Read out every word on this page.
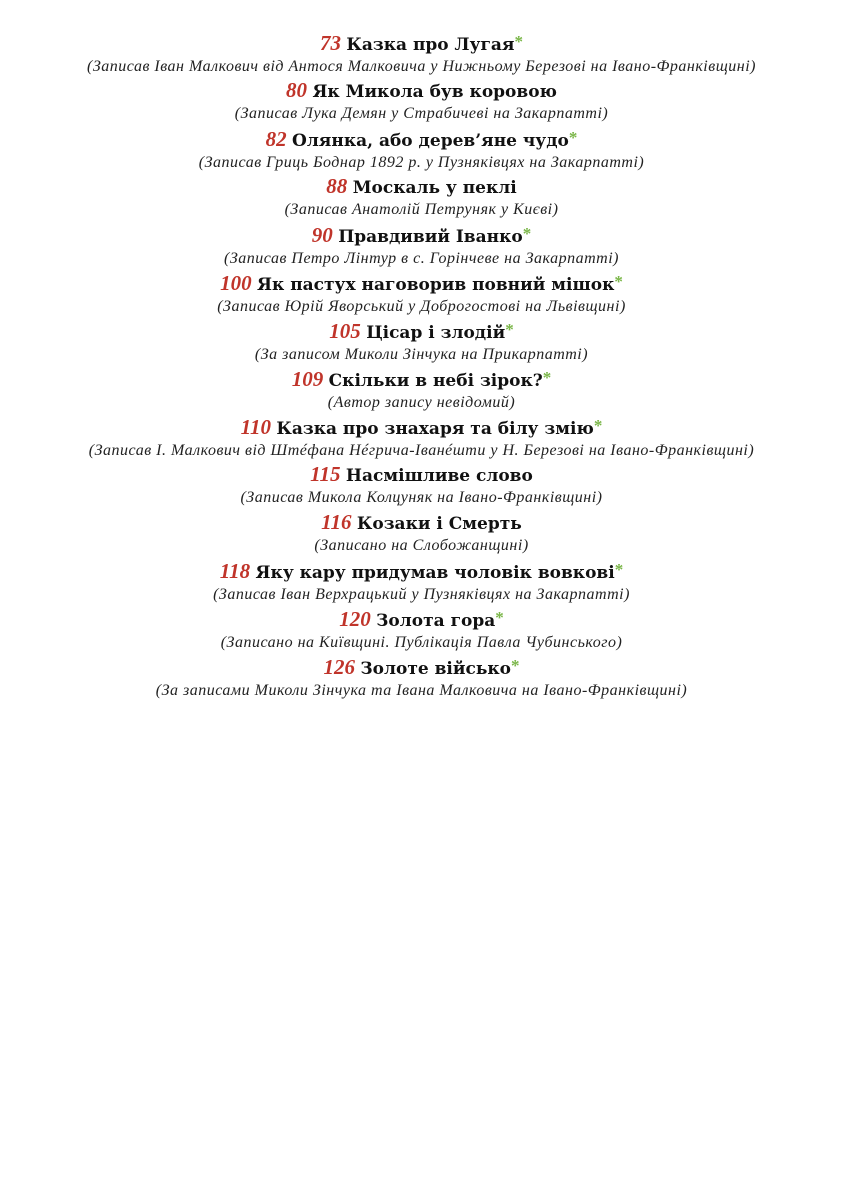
73 Казка про Лугая*
(Записав Іван Малкович від Антося Малковича у Нижньому Березові на Івано-Франківщині)
80 Як Микола був коровою
(Записав Лука Демян у Страбичеві на Закарпатті)
82 Олянка, або дерев’яне чудо*
(Записав Гриць Боднар 1892 р. у Пузняківцях на Закарпатті)
88 Москаль у пеклі
(Записав Анатолій Петруняк у Києві)
90 Правдивий Іванко*
(Записав Петро Лінтур в с. Горінчеве на Закарпатті)
100 Як пастух наговорив повний мішок*
(Записав Юрій Яворський у Доброгостові на Львівщині)
105 Цісар і злодій*
(За записом Миколи Зінчука на Прикарпатті)
109 Скільки в небі зірок?*
(Автор запису невідомий)
110 Казка про знахаря та білу змію*
(Записав І. Малкович від Штéфана Нéгрича-Іванéшти у Н. Березові на Івано-Франківщині)
115 Насмішливе слово
(Записав Микола Колцуняк на Івано-Франківщині)
116 Козаки і Смерть
(Записано на Слобожанщині)
118 Яку кару придумав чоловік вовкові*
(Записав Іван Верхрацький у Пузняківцях на Закарпатті)
120 Золота гора*
(Записано на Київщині. Публікація Павла Чубинського)
126 Золоте військо*
(За записами Миколи Зінчука та Івана Малковича на Івано-Франківщині)
